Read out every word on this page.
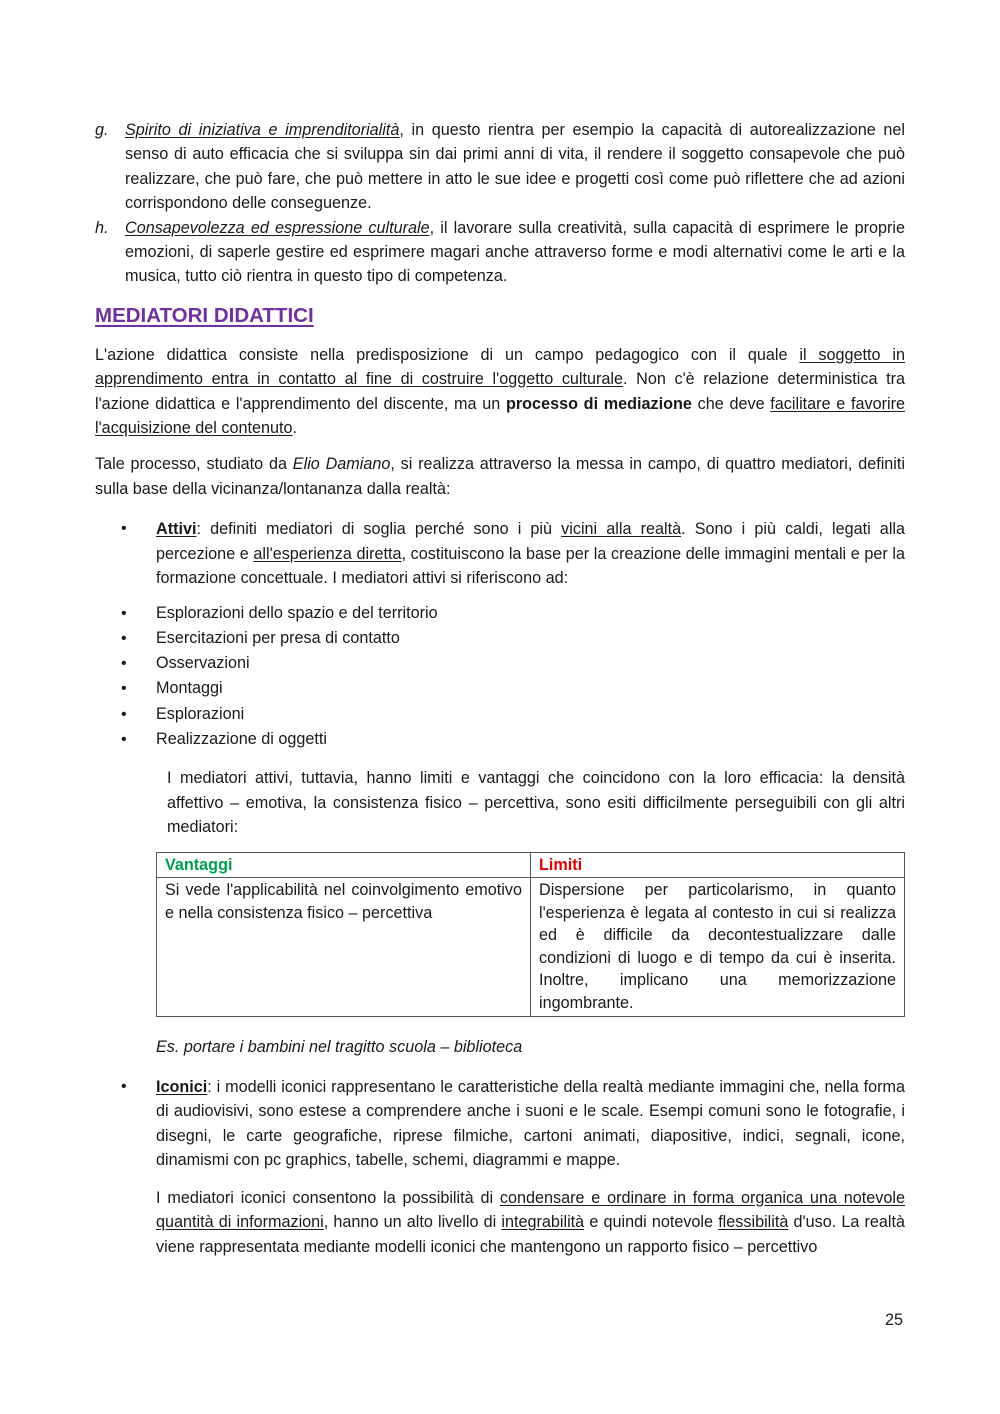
g. Spirito di iniziativa e imprenditorialità, in questo rientra per esempio la capacità di autorealizzazione nel senso di auto efficacia che si sviluppa sin dai primi anni di vita, il rendere il soggetto consapevole che può realizzare, che può fare, che può mettere in atto le sue idee e progetti così come può riflettere che ad azioni corrispondono delle conseguenze.
h. Consapevolezza ed espressione culturale, il lavorare sulla creatività, sulla capacità di esprimere le proprie emozioni, di saperle gestire ed esprimere magari anche attraverso forme e modi alternativi come le arti e la musica, tutto ciò rientra in questo tipo di competenza.
MEDIATORI DIDATTICI

L'azione didattica consiste nella predisposizione di un campo pedagogico con il quale il soggetto in apprendimento entra in contatto al fine di costruire l'oggetto culturale. Non c'è relazione deterministica tra l'azione didattica e l'apprendimento del discente, ma un processo di mediazione che deve facilitare e favorire l'acquisizione del contenuto.

Tale processo, studiato da Elio Damiano, si realizza attraverso la messa in campo, di quattro mediatori, definiti sulla base della vicinanza/lontananza dalla realtà:

• Attivi: definiti mediatori di soglia perché sono i più vicini alla realtà. Sono i più caldi, legati alla percezione e all'esperienza diretta, costituiscono la base per la creazione delle immagini mentali e per la formazione concettuale. I mediatori attivi si riferiscono ad:
• Esplorazioni dello spazio e del territorio
• Esercitazioni per presa di contatto
• Osservazioni
• Montaggi
• Esplorazioni
• Realizzazione di oggetti

I mediatori attivi, tuttavia, hanno limiti e vantaggi che coincidono con la loro efficacia: la densità affettivo – emotiva, la consistenza fisico – percettiva, sono esiti difficilmente perseguibili con gli altri mediatori:

Vantaggi	Limiti
Si vede l'applicabilità nel coinvolgimento emotivo e nella consistenza fisico – percettiva	Dispersione per particolarismo, in quanto l'esperienza è legata al contesto in cui si realizza ed è difficile da decontestualizzare dalle condizioni di luogo e di tempo da cui è inserita. Inoltre, implicano una memorizzazione ingombrante.

Es. portare i bambini nel tragitto scuola – biblioteca

• Iconici: i modelli iconici rappresentano le caratteristiche della realtà mediante immagini che, nella forma di audiovisivi, sono estese a comprendere anche i suoni e le scale. Esempi comuni sono le fotografie, i disegni, le carte geografiche, riprese filmiche, cartoni animati, diapositive, indici, segnali, icone, dinamismi con pc graphics, tabelle, schemi, diagrammi e mappe.

I mediatori iconici consentono la possibilità di condensare e ordinare in forma organica una notevole quantità di informazioni, hanno un alto livello di integrabilità e quindi notevole flessibilità d'uso. La realtà viene rappresentata mediante modelli iconici che mantengono un rapporto fisico – percettivo

25
